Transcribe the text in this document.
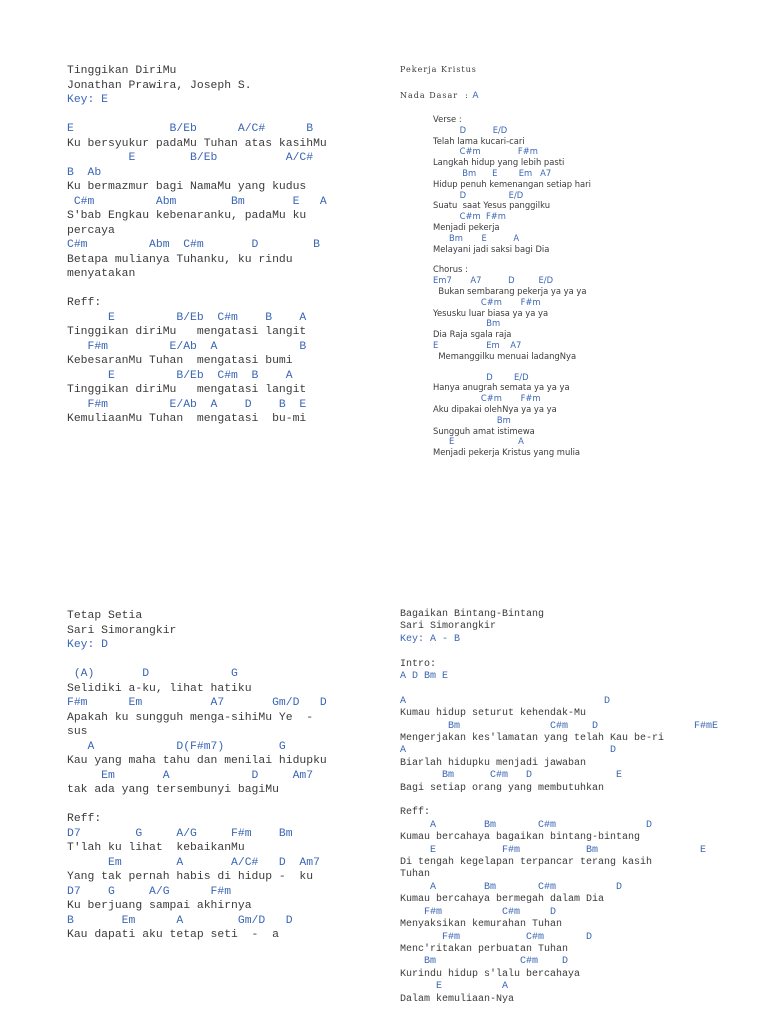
Tinggikan DiriMu
Jonathan Prawira, Joseph S.
Key: E
E              B/Eb      A/C#      B
Ku bersyukur padaMu Tuhan atas kasihMu
E        B/Eb          A/C#
B  Ab
Ku bermazmur bagi NamaMu yang kudus
C#m         Abm        Bm       E   A
S'bab Engkau kebenaranku, padaMu ku
percaya
C#m         Abm  C#m       D        B
Betapa mulianya Tuhanku, ku rindu
menyatakan
Reff:
E         B/Eb  C#m    B    A
Tinggikan diriMu   mengatasi langit
F#m         E/Ab  A            B
KebesaranMu Tuhan  mengatasi bumi
E         B/Eb  C#m  B    A
Tinggikan diriMu   mengatasi langit
F#m         E/Ab  A    D    B  E
KemuliaanMu Tuhan  mengatasi  bu-mi
Pekerja Kristus
Nada Dasar  : A
Verse :
D          E/D
Telah lama kucari-cari
C#m              F#m
Langkah hidup yang lebih pasti
Bm      E        Em   A7
Hidup penuh kemenangan setiap hari
D                E/D
Suatu  saat Yesus panggilku
C#m  F#m
Menjadi pekerja
Bm       E          A
Melayani jadi saksi bagi Dia
Chorus :
Em7       A7          D         E/D
Bukan sembarang pekerja ya ya ya
C#m       F#m
Yesusku luar biasa ya ya ya
Bm
Dia Raja sgala raja
E                  Em    A7
Memanggilku menuai ladangNya
D        E/D
Hanya anugrah semata ya ya ya
C#m       F#m
Aku dipakai olehNya ya ya ya
Bm
Sungguh amat istimewa
E                        A
Menjadi pekerja Kristus yang mulia
Tetap Setia
Sari Simorangkir
Key: D
(A)       D            G
Selidiki a-ku, lihat hatiku
F#m      Em          A7       Gm/D   D
Apakah ku sungguh menga-sihiMu Ye  -
sus
A            D(F#m7)        G
Kau yang maha tahu dan menilai hidupku
Em       A            D     Am7
tak ada yang tersembunyi bagiMu
Reff:
D7        G     A/G     F#m    Bm
T'lah ku lihat  kebaikanMu
Em        A       A/C#   D  Am7
Yang tak pernah habis di hidup -  ku
D7    G     A/G      F#m
Ku berjuang sampai akhirnya
B       Em      A        Gm/D   D
Kau dapati aku tetap seti  -  a
Bagaikan Bintang-Bintang
Sari Simorangkir
Key: A - B
Intro:
A D Bm E
A                                 D
Kumau hidup seturut kehendak-Mu
Bm               C#m    D                F#mE
Mengerjakan kes'lamatan yang telah Kau be-ri
A                                  D
Biarlah hidupku menjadi jawaban
Bm      C#m   D              E
Bagi setiap orang yang membutuhkan
Reff:
A        Bm       C#m               D
Kumau bercahaya bagaikan bintang-bintang
E           F#m           Bm                 E
Di tengah kegelapan terpancar terang kasih
Tuhan
A        Bm       C#m          D
Kumau bercahaya bermegah dalam Dia
F#m          C#m     D
Menyaksikan kemurahan Tuhan
F#m           C#m       D
Menc'ritakan perbuatan Tuhan
Bm              C#m    D
Kurindu hidup s'lalu bercahaya
E          A
Dalam kemuliaan-Nya
